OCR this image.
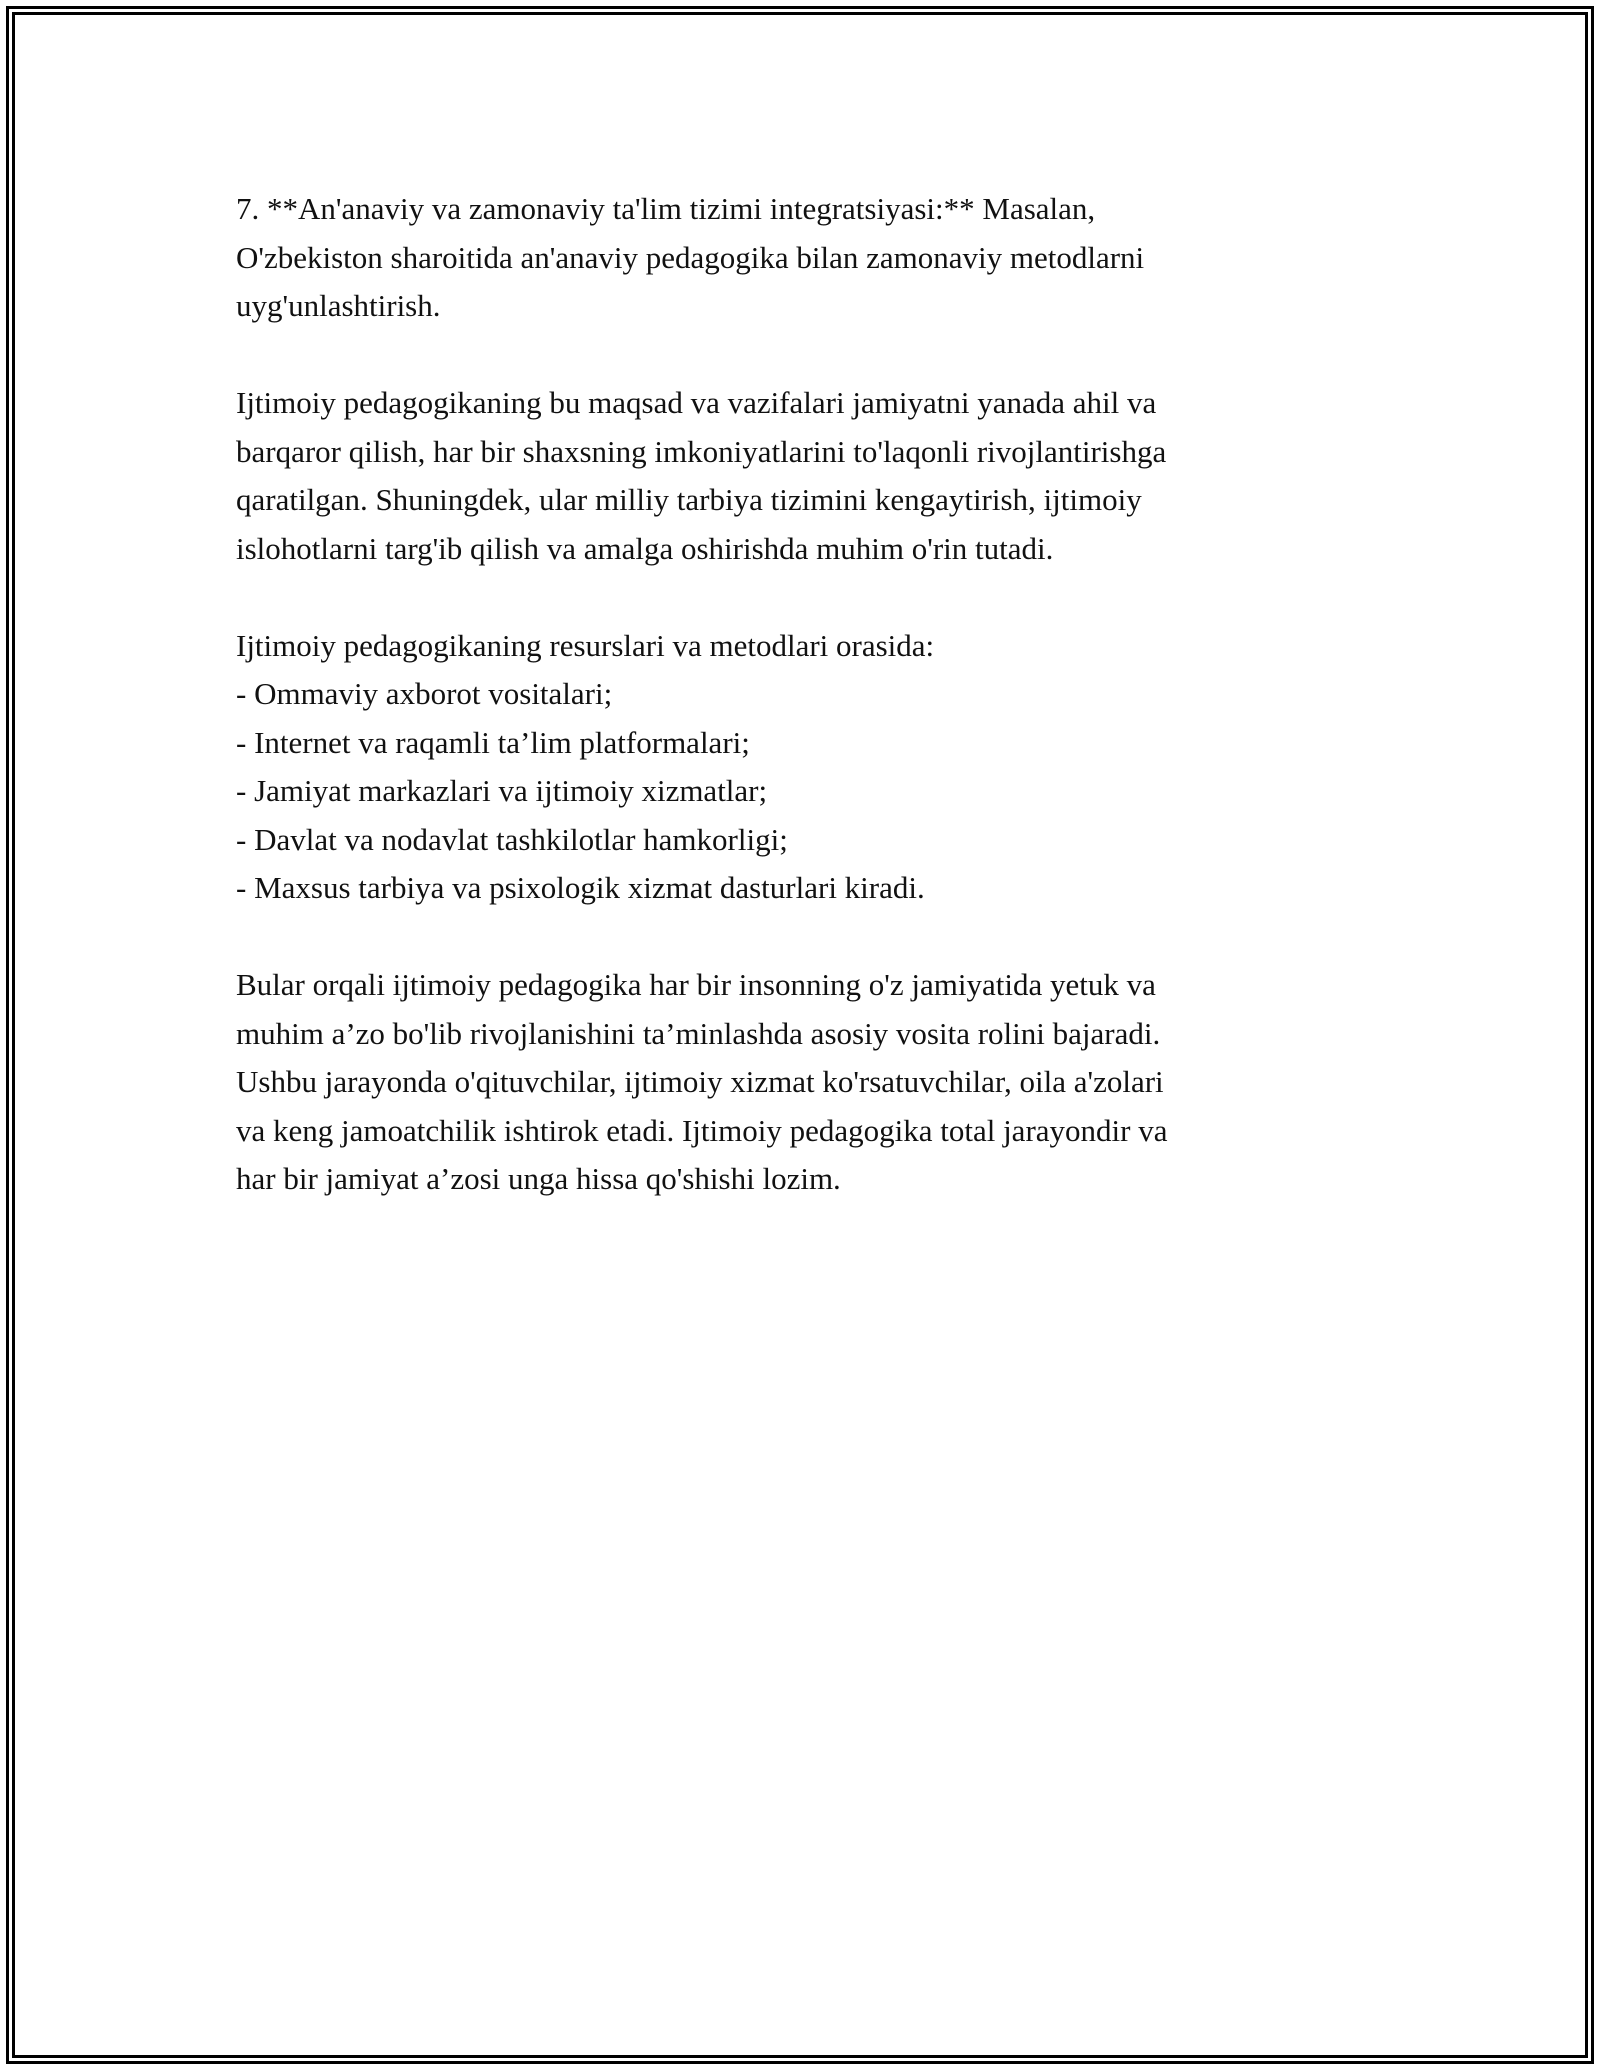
7. **An'anaviy va zamonaviy ta'lim tizimi integratsiyasi:** Masalan,
O'zbekiston sharoitida an'anaviy pedagogika bilan zamonaviy metodlarni
uyg'unlashtirish.
Ijtimoiy pedagogikaning bu maqsad va vazifalari jamiyatni yanada ahil va
barqaror qilish, har bir shaxsning imkoniyatlarini to'laqonli rivojlantirishga
qaratilgan. Shuningdek, ular milliy tarbiya tizimini kengaytirish, ijtimoiy
islohotlarni targ'ib qilish va amalga oshirishda muhim o'rin tutadi.
Ijtimoiy pedagogikaning resurslari va metodlari orasida:
- Ommaviy axborot vositalari;
- Internet va raqamli ta’lim platformalari;
- Jamiyat markazlari va ijtimoiy xizmatlar;
- Davlat va nodavlat tashkilotlar hamkorligi;
- Maxsus tarbiya va psixologik xizmat dasturlari kiradi.
Bular orqali ijtimoiy pedagogika har bir insonning o'z jamiyatida yetuk va
muhim a’zo bo'lib rivojlanishini ta’minlashda asosiy vosita rolini bajaradi.
Ushbu jarayonda o'qituvchilar, ijtimoiy xizmat ko'rsatuvchilar, oila a'zolari
va keng jamoatchilik ishtirok etadi. Ijtimoiy pedagogika total jarayondir va
har bir jamiyat a’zosi unga hissa qo'shishi lozim.
